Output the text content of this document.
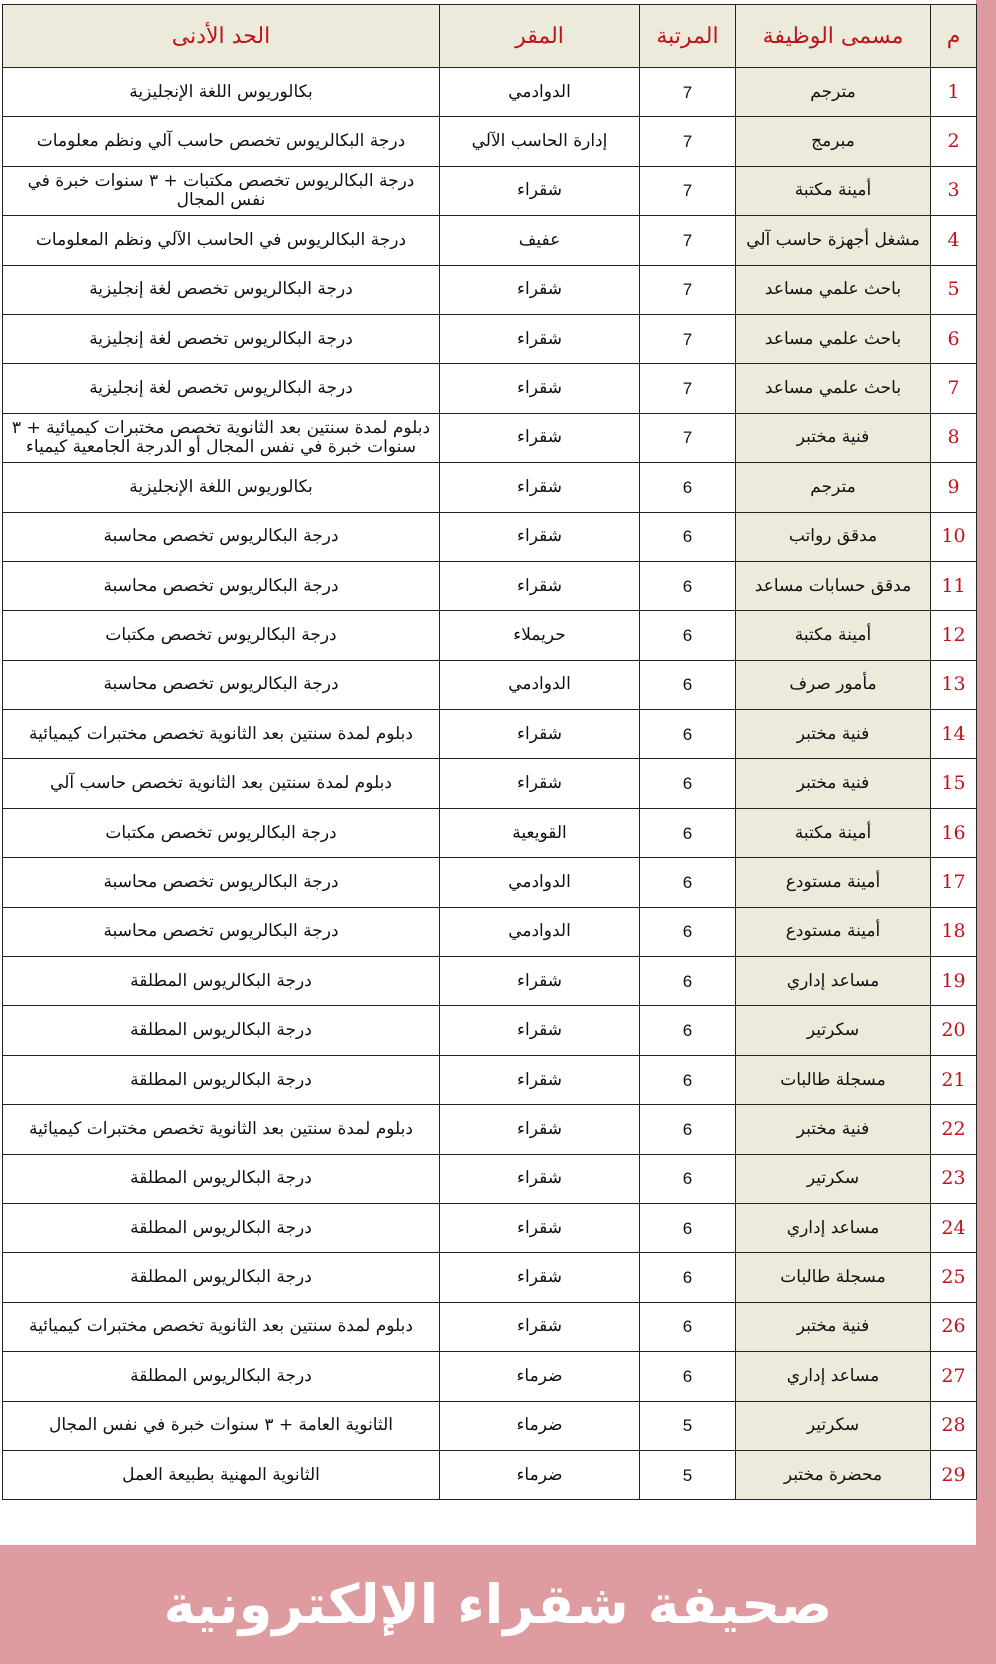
م	مسمى الوظيفة	المرتبة	المقر	الحد الأدنى
1	مترجم	7	الدوادمي	بكالوريوس اللغة الإنجليزية
2	مبرمج	7	إدارة الحاسب الآلي	درجة البكالريوس تخصص حاسب آلي ونظم معلومات
3	أمينة مكتبة	7	شقراء	درجة البكالريوس تخصص مكتبات + ٣ سنوات خبرة في نفس المجال
4	مشغل أجهزة حاسب آلي	7	عفيف	درجة البكالريوس في الحاسب الآلي ونظم المعلومات
5	باحث علمي مساعد	7	شقراء	درجة البكالريوس تخصص لغة إنجليزية
6	باحث علمي مساعد	7	شقراء	درجة البكالريوس تخصص لغة إنجليزية
7	باحث علمي مساعد	7	شقراء	درجة البكالريوس تخصص لغة إنجليزية
8	فنية مختبر	7	شقراء	دبلوم لمدة سنتين بعد الثانوية تخصص مختبرات كيميائية + ٣ سنوات خبرة في نفس المجال أو الدرجة الجامعية كيمياء
9	مترجم	6	شقراء	بكالوريوس اللغة الإنجليزية
10	مدقق رواتب	6	شقراء	درجة البكالريوس تخصص محاسبة
11	مدقق حسابات مساعد	6	شقراء	درجة البكالريوس تخصص محاسبة
12	أمينة مكتبة	6	حريملاء	درجة البكالريوس تخصص مكتبات
13	مأمور صرف	6	الدوادمي	درجة البكالريوس تخصص محاسبة
14	فنية مختبر	6	شقراء	دبلوم لمدة سنتين بعد الثانوية تخصص مختبرات كيميائية
15	فنية مختبر	6	شقراء	دبلوم لمدة سنتين بعد الثانوية تخصص حاسب آلي
16	أمينة مكتبة	6	القويعية	درجة البكالريوس تخصص مكتبات
17	أمينة مستودع	6	الدوادمي	درجة البكالريوس تخصص محاسبة
18	أمينة مستودع	6	الدوادمي	درجة البكالريوس تخصص محاسبة
19	مساعد إداري	6	شقراء	درجة البكالريوس المطلقة
20	سكرتير	6	شقراء	درجة البكالريوس المطلقة
21	مسجلة طالبات	6	شقراء	درجة البكالريوس المطلقة
22	فنية مختبر	6	شقراء	دبلوم لمدة سنتين بعد الثانوية تخصص مختبرات كيميائية
23	سكرتير	6	شقراء	درجة البكالريوس المطلقة
24	مساعد إداري	6	شقراء	درجة البكالريوس المطلقة
25	مسجلة طالبات	6	شقراء	درجة البكالريوس المطلقة
26	فنية مختبر	6	شقراء	دبلوم لمدة سنتين بعد الثانوية تخصص مختبرات كيميائية
27	مساعد إداري	6	ضرماء	درجة البكالريوس المطلقة
28	سكرتير	5	ضرماء	الثانوية العامة + ٣ سنوات خبرة في نفس المجال
29	محضرة مختبر	5	ضرماء	الثانوية المهنية بطبيعة العمل
صحيفة شقراء الإلكترونية
